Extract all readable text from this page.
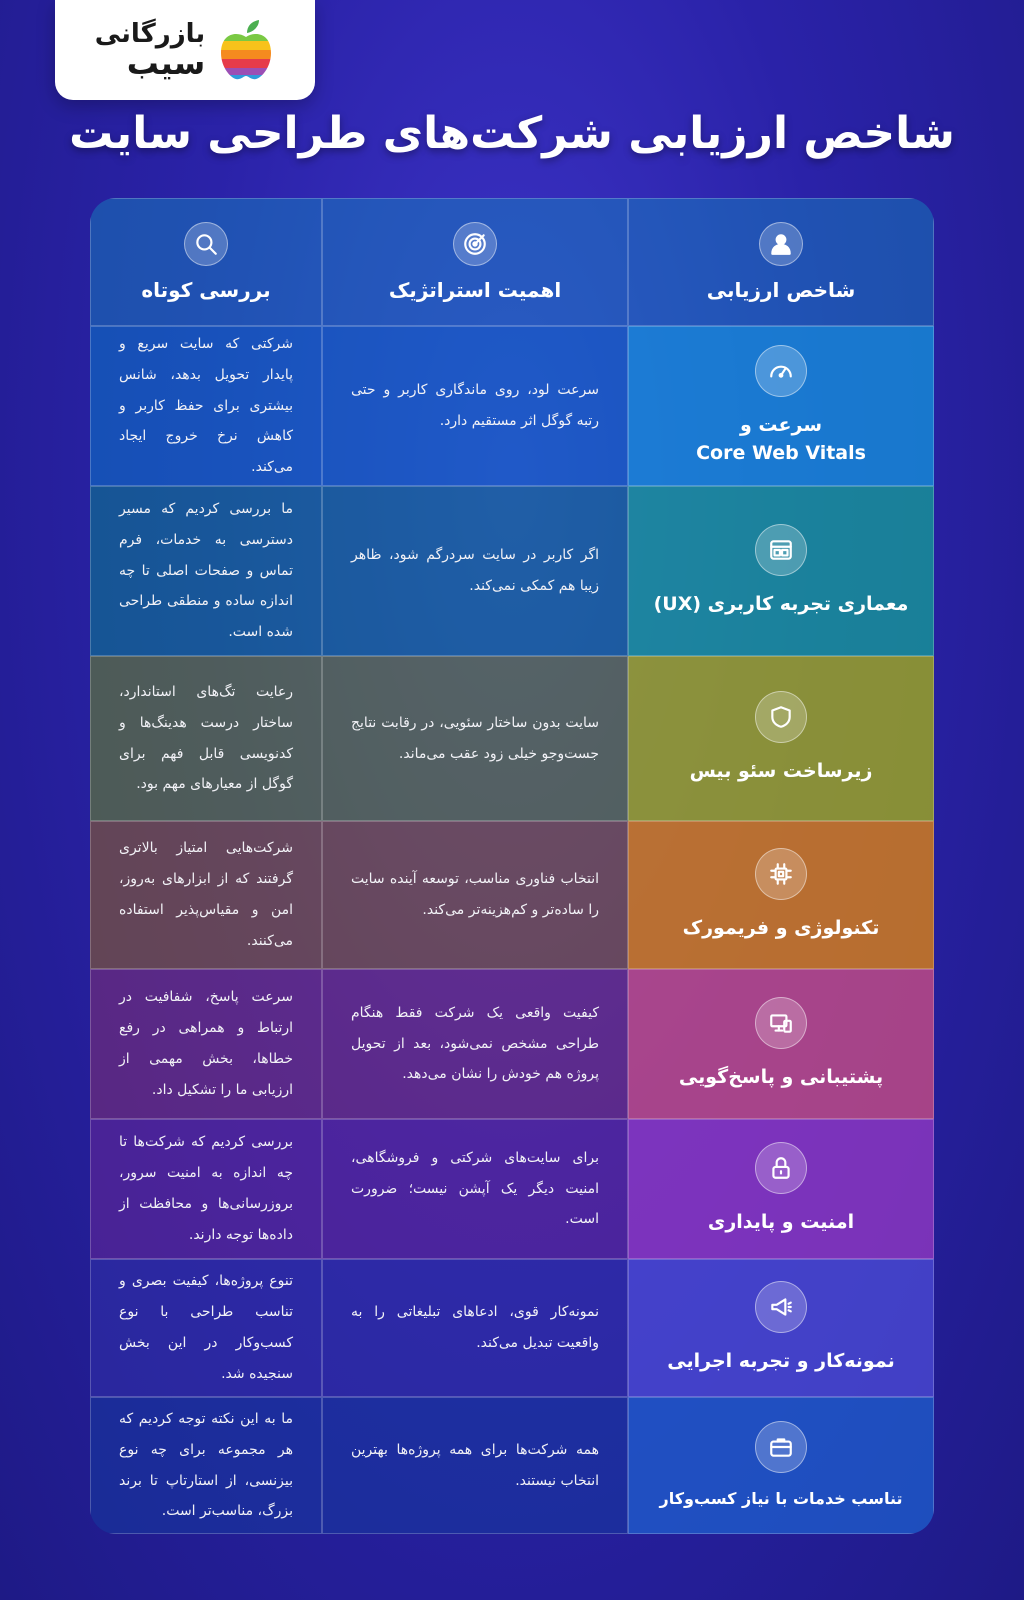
بازرگانی
سیب
شاخص ارزیابی شرکت‌های طراحی سایت
بررسی کوتاه	اهمیت استراتژیک	شاخص ارزیابی
سرعت و
Core Web Vitals

سرعت لود، روی ماندگاری کاربر و حتی رتبه گوگل اثر مستقیم دارد.

شرکتی که سایت سریع و پایدار تحویل بدهد، شانس بیشتری برای حفظ کاربر و کاهش نرخ خروج ایجاد می‌کند.

معماری تجربه کاربری (UX)

اگر کاربر در سایت سردرگم شود، ظاهر زیبا هم کمکی نمی‌کند.

ما بررسی کردیم که مسیر دسترسی به خدمات، فرم تماس و صفحات اصلی تا چه اندازه ساده و منطقی طراحی شده است.

زیرساخت سئو بیس

سایت بدون ساختار سئویی، در رقابت نتایج جست‌وجو خیلی زود عقب می‌ماند.

رعایت تگ‌های استاندارد، ساختار درست هدینگ‌ها و کدنویسی قابل فهم برای گوگل از معیارهای مهم بود.

تکنولوژی و فریمورک

انتخاب فناوری مناسب، توسعه آینده سایت را ساده‌تر و کم‌هزینه‌تر می‌کند.

شرکت‌هایی امتیاز بالاتری گرفتند که از ابزارهای به‌روز، امن و مقیاس‌پذیر استفاده می‌کنند.

پشتیبانی و پاسخ‌گویی

کیفیت واقعی یک شرکت فقط هنگام طراحی مشخص نمی‌شود، بعد از تحویل پروژه هم خودش را نشان می‌دهد.

سرعت پاسخ، شفافیت در ارتباط و همراهی در رفع خطاها، بخش مهمی از ارزیابی ما را تشکیل داد.

امنیت و پایداری

برای سایت‌های شرکتی و فروشگاهی، امنیت دیگر یک آپشن نیست؛ ضرورت است.

بررسی کردیم که شرکت‌ها تا چه اندازه به امنیت سرور، بروزرسانی‌ها و محافظت از داده‌ها توجه دارند.

نمونه‌کار و تجربه اجرایی

نمونه‌کار قوی، ادعاهای تبلیغاتی را به واقعیت تبدیل می‌کند.

تنوع پروژه‌ها، کیفیت بصری و تناسب طراحی با نوع کسب‌وکار در این بخش سنجیده شد.

تناسب خدمات با نیاز کسب‌وکار

همه شرکت‌ها برای همه پروژه‌ها بهترین انتخاب نیستند.

ما به این نکته توجه کردیم که هر مجموعه برای چه نوع بیزنسی، از استارتاپ تا برند بزرگ، مناسب‌تر است.
